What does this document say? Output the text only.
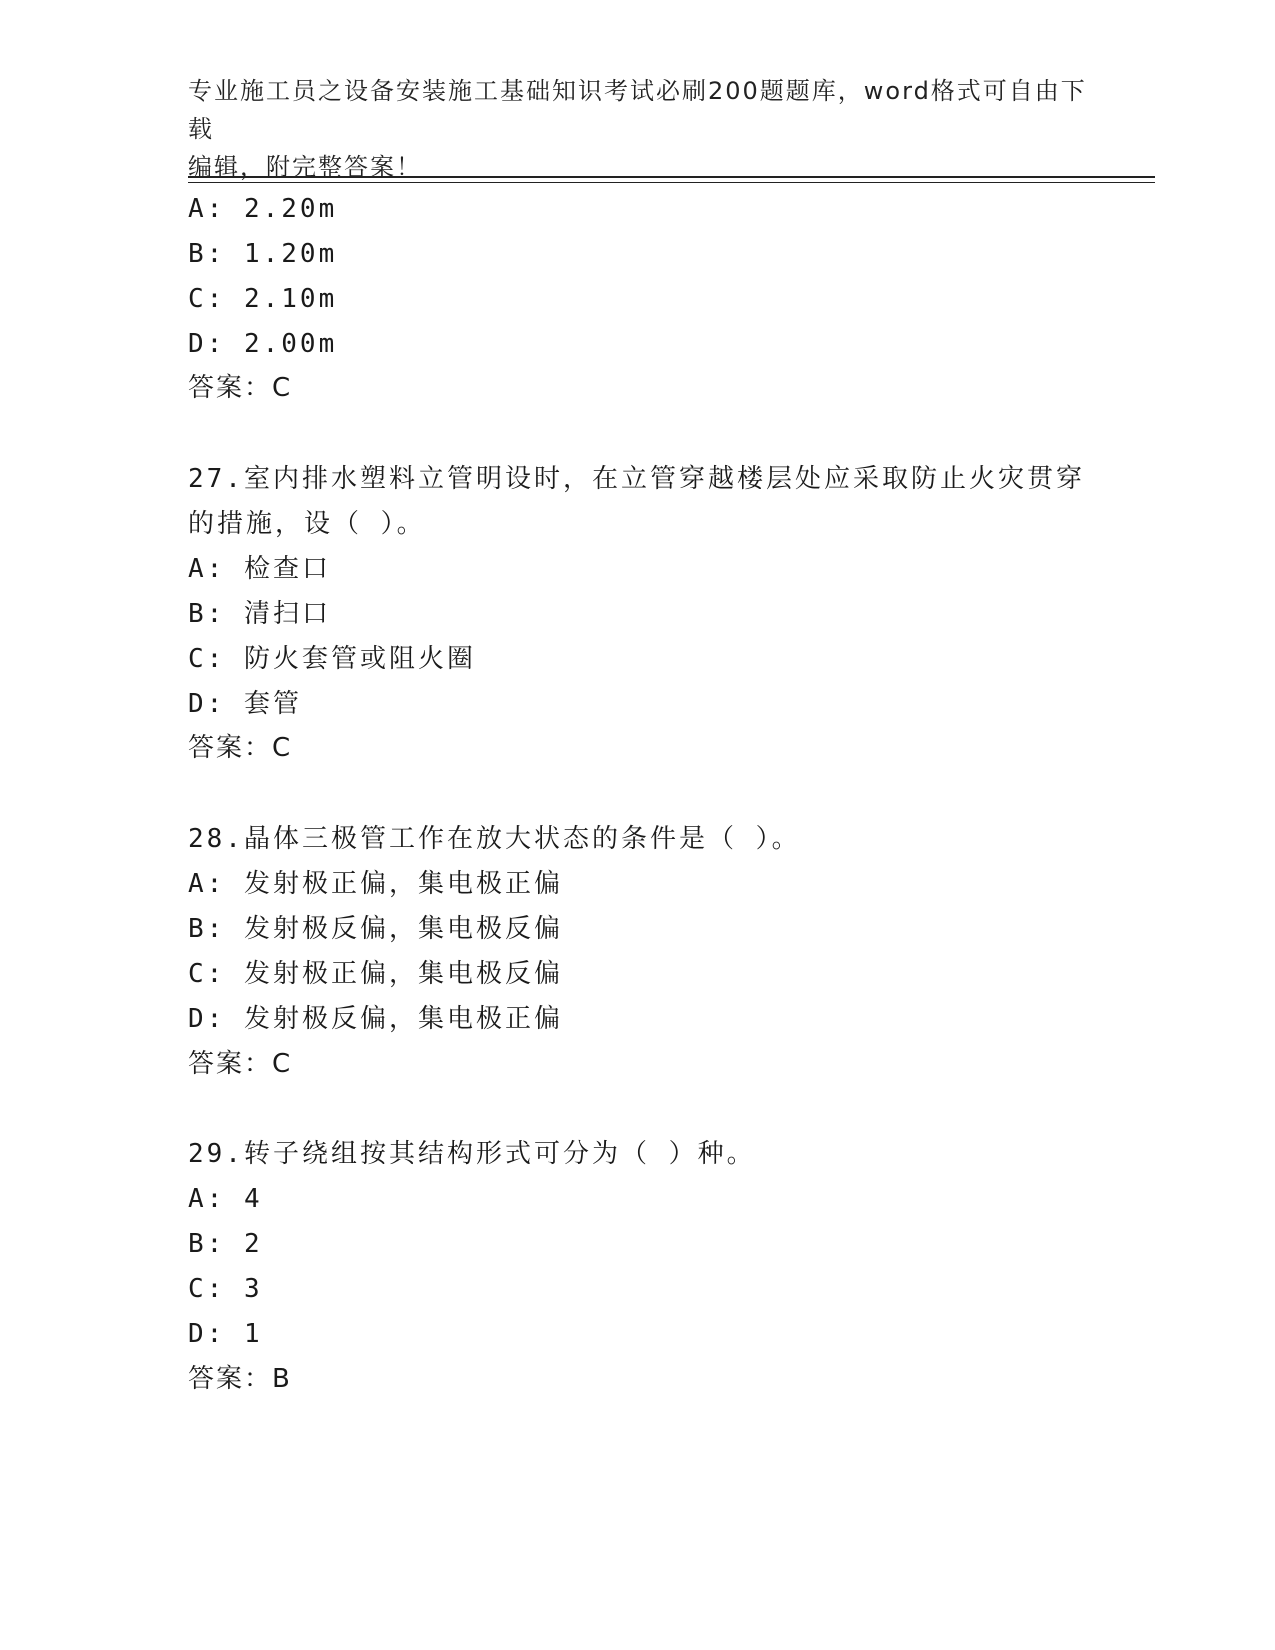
专业施工员之设备安装施工基础知识考试必刷200题题库，word格式可自由下载
编辑，附完整答案！
A: 2.20m
B: 1.20m
C: 2.10m
D: 2.00m
答案：C
27.室内排水塑料立管明设时，在立管穿越楼层处应采取防止火灾贯穿
的措施，设（ ）。
A: 检查口
B: 清扫口
C: 防火套管或阻火圈
D: 套管
答案：C
28.晶体三极管工作在放大状态的条件是（ ）。
A: 发射极正偏，集电极正偏
B: 发射极反偏，集电极反偏
C: 发射极正偏，集电极反偏
D: 发射极反偏，集电极正偏
答案：C
29.转子绕组按其结构形式可分为（ ）种。
A: 4
B: 2
C: 3
D: 1
答案：B
